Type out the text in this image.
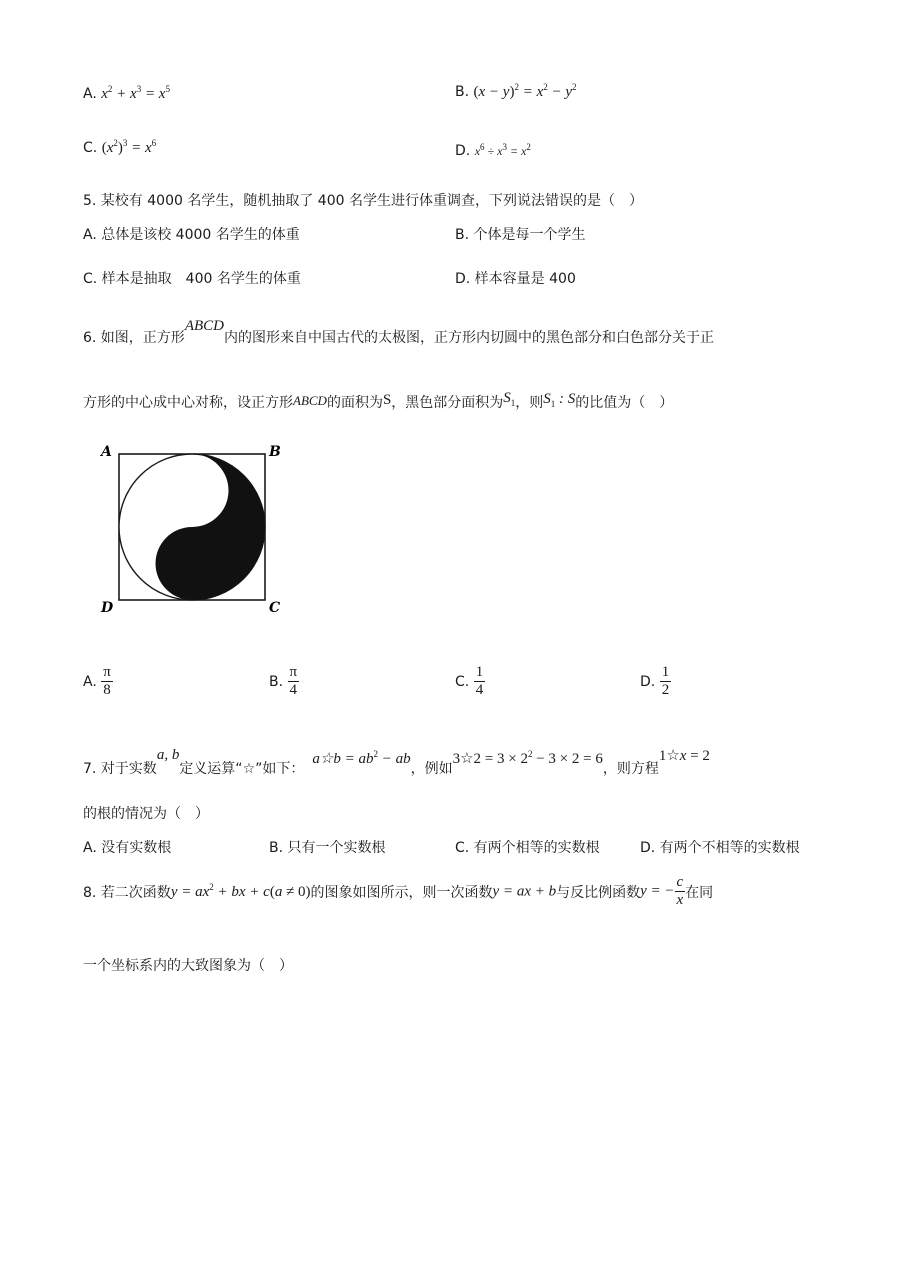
A. $x^2 + x^3 = x^5$	B. $(x - y)^2 = x^2 - y^2$
C. $(x^2)^3 = x^6$	D. $x^6 \div x^3 = x^2$
5. 某校有 4000 名学生，随机抽取了 400 名学生进行体重调查，下列说法错误的是（　）
A. 总体是该校 4000 名学生的体重	B. 个体是每一个学生
C. 样本是抽取　400 名学生的体重	D. 样本容量是 400
6. 如图，正方形ABCD内的图形来自中国古代的太极图，正方形内切圆中的黑色部分和白色部分关于正
方形的中心成中心对称，设正方形ABCD的面积为S，黑色部分面积为$S_1$，则$S_1$ : S的比值为（　）
A	B
D	C
A. $\frac{\pi}{8}$	B. $\frac{\pi}{4}$	C. $\frac{1}{4}$	D. $\frac{1}{2}$
7. 对于实数a, b定义运算“☆”如下：a☆b = $ab^2$ − ab，例如3☆2 = $3 \times 2^2 - 3 \times 2 = 6$，则方程1☆x = 2
的根的情况为（　）
A. 没有实数根	B. 只有一个实数根	C. 有两个相等的实数根	D. 有两个不相等的实数根
8. 若二次函数$y = ax^2$ + bx + c(a ≠ 0)的图象如图所示，则一次函数y = ax + b与反比例函数y = − $\frac{c}{x}$ 在同
一个坐标系内的大致图象为（　）
